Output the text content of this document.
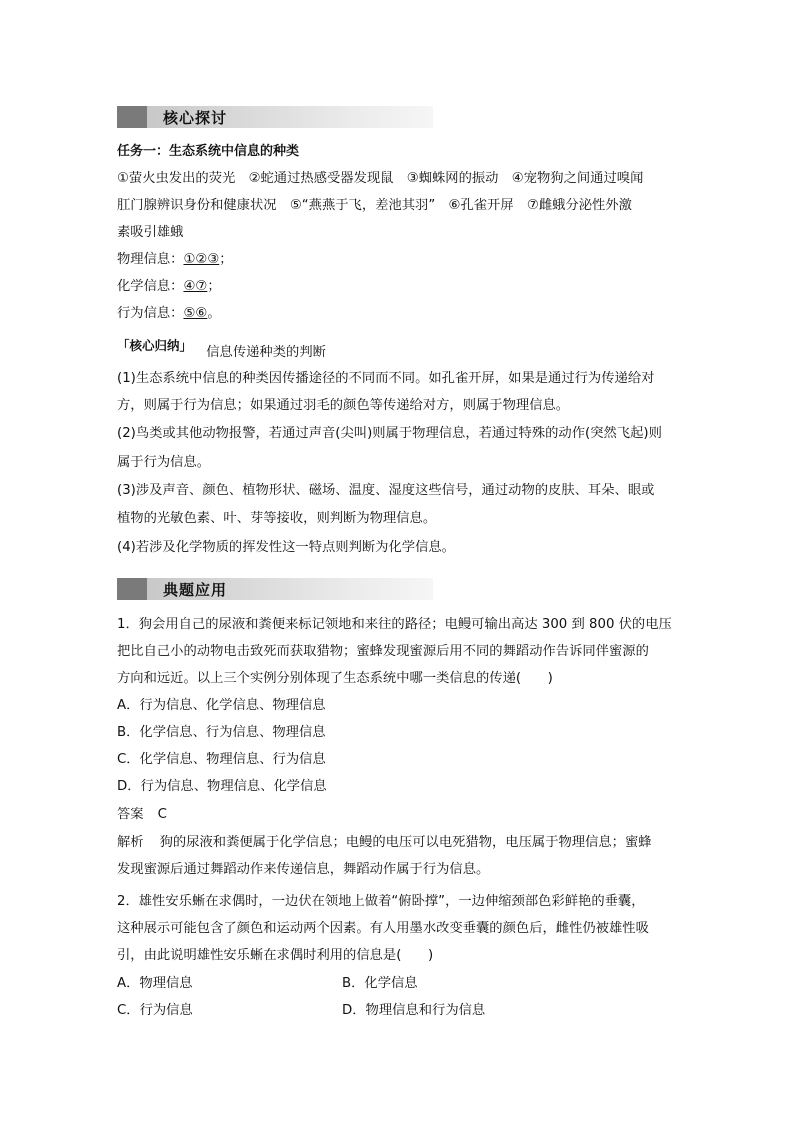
核心探讨
任务一：生态系统中信息的种类
①萤火虫发出的荧光　②蛇通过热感受器发现鼠　③蜘蛛网的振动　④宠物狗之间通过嗅闻
肛门腺辨识身份和健康状况　⑤“燕燕于飞，差池其羽”　⑥孔雀开屏　⑦雌蛾分泌性外激
素吸引雄蛾
物理信息：①②③；
化学信息：④⑦；
行为信息：⑤⑥。
「核心归纳」 信息传递种类的判断
(1)生态系统中信息的种类因传播途径的不同而不同。如孔雀开屏，如果是通过行为传递给对
方，则属于行为信息；如果通过羽毛的颜色等传递给对方，则属于物理信息。
(2)鸟类或其他动物报警，若通过声音(尖叫)则属于物理信息，若通过特殊的动作(突然飞起)则
属于行为信息。
(3)涉及声音、颜色、植物形状、磁场、温度、湿度这些信号，通过动物的皮肤、耳朵、眼或
植物的光敏色素、叶、芽等接收，则判断为物理信息。
(4)若涉及化学物质的挥发性这一特点则判断为化学信息。
典题应用
1．狗会用自己的尿液和粪便来标记领地和来往的路径；电鳗可输出高达 300 到 800 伏的电压
把比自己小的动物电击致死而获取猎物；蜜蜂发现蜜源后用不同的舞蹈动作告诉同伴蜜源的
方向和远近。以上三个实例分别体现了生态系统中哪一类信息的传递(　　)
A．行为信息、化学信息、物理信息
B．化学信息、行为信息、物理信息
C．化学信息、物理信息、行为信息
D．行为信息、物理信息、化学信息
答案 C
解析 狗的尿液和粪便属于化学信息；电鳗的电压可以电死猎物，电压属于物理信息；蜜蜂
发现蜜源后通过舞蹈动作来传递信息，舞蹈动作属于行为信息。
2．雄性安乐蜥在求偶时，一边伏在领地上做着“俯卧撑”，一边伸缩颈部色彩鲜艳的垂囊，
这种展示可能包含了颜色和运动两个因素。有人用墨水改变垂囊的颜色后，雌性仍被雄性吸
引，由此说明雄性安乐蜥在求偶时利用的信息是(　　)
A．物理信息	B．化学信息
C．行为信息	D．物理信息和行为信息
